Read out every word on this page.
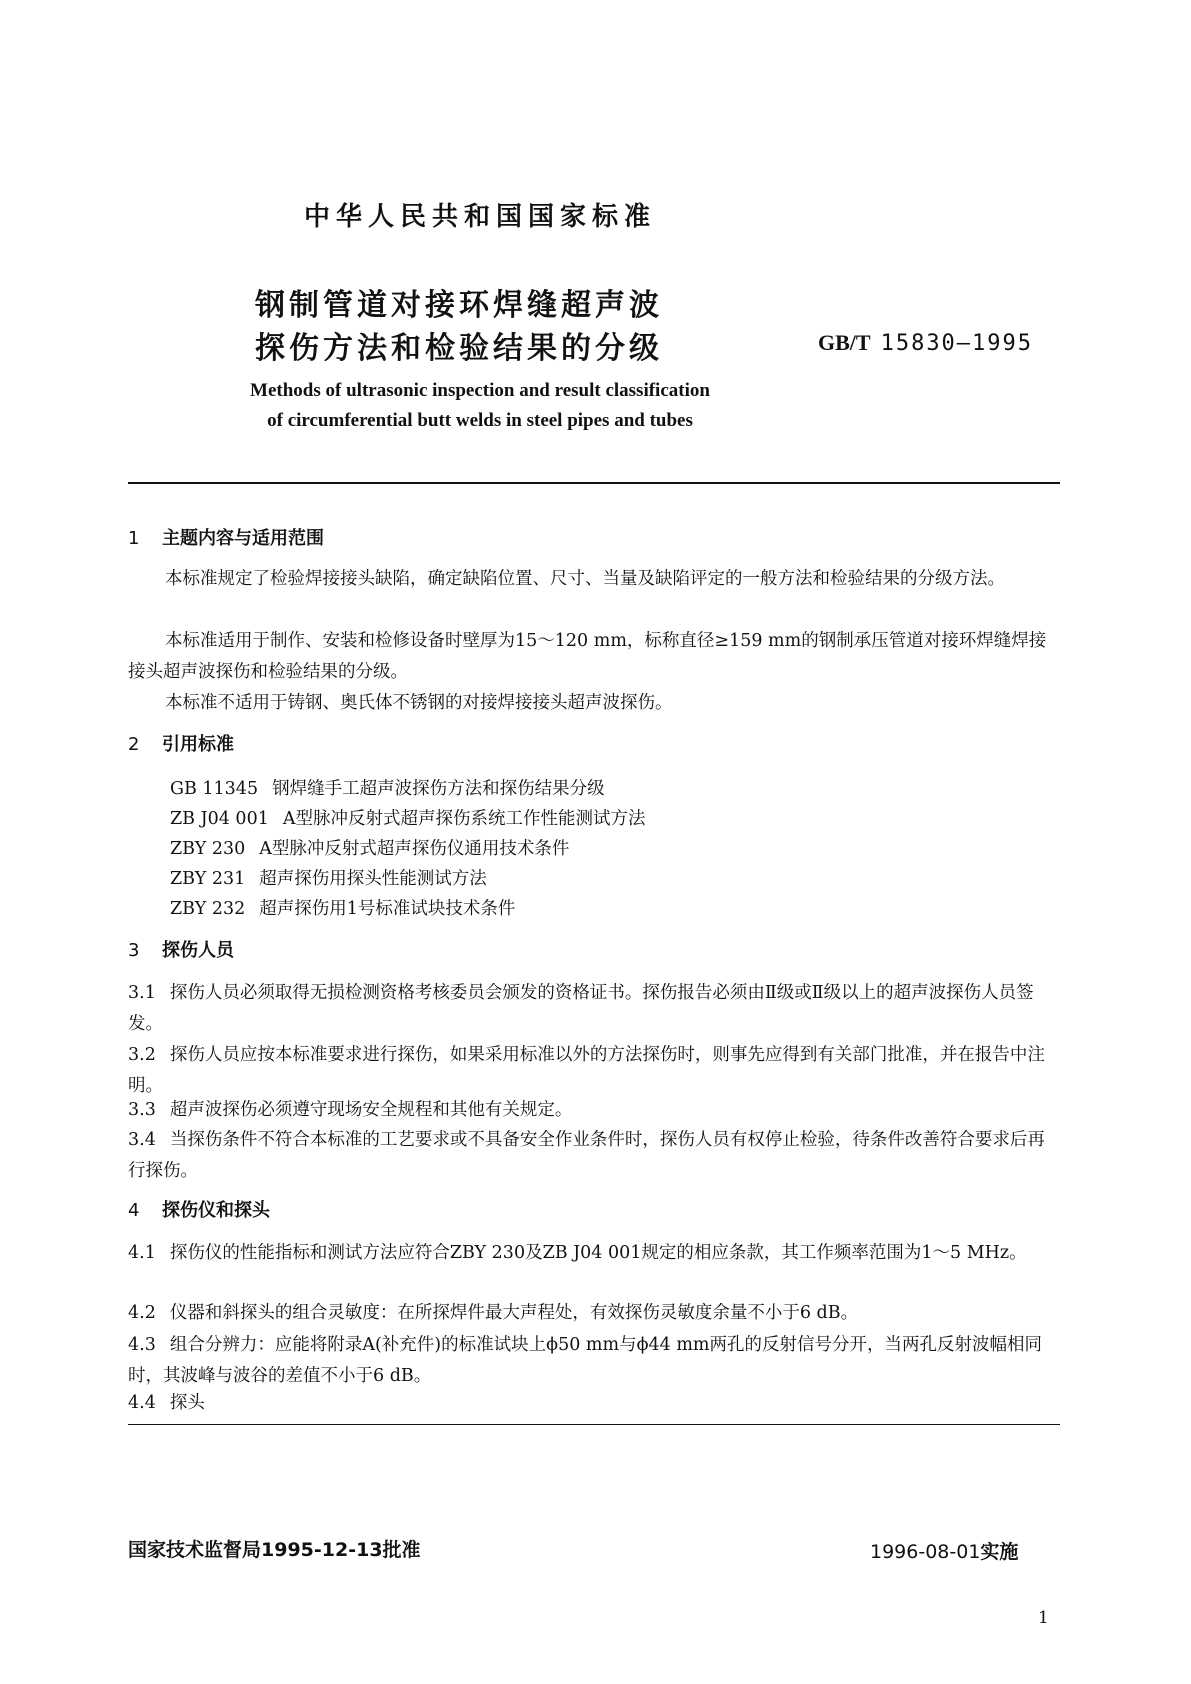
中华人民共和国国家标准
钢制管道对接环焊缝超声波
探伤方法和检验结果的分级	GB/T 15830—1995
Methods of ultrasonic inspection and result classification
of circumferential butt welds in steel pipes and tubes
1 主题内容与适用范围
本标准规定了检验焊接接头缺陷，确定缺陷位置、尺寸、当量及缺陷评定的一般方法和检验结果的分级方法。
本标准适用于制作、安装和检修设备时壁厚为15～120 mm，标称直径≥159 mm的钢制承压管道对接环焊缝焊接接头超声波探伤和检验结果的分级。
本标准不适用于铸钢、奥氏体不锈钢的对接焊接接头超声波探伤。
2 引用标准
GB 11345 钢焊缝手工超声波探伤方法和探伤结果分级
ZB J04 001 A型脉冲反射式超声探伤系统工作性能测试方法
ZBY 230 A型脉冲反射式超声探伤仪通用技术条件
ZBY 231 超声探伤用探头性能测试方法
ZBY 232 超声探伤用1号标准试块技术条件
3 探伤人员
3.1 探伤人员必须取得无损检测资格考核委员会颁发的资格证书。探伤报告必须由Ⅱ级或Ⅱ级以上的超声波探伤人员签发。
3.2 探伤人员应按本标准要求进行探伤，如果采用标准以外的方法探伤时，则事先应得到有关部门批准，并在报告中注明。
3.3 超声波探伤必须遵守现场安全规程和其他有关规定。
3.4 当探伤条件不符合本标准的工艺要求或不具备安全作业条件时，探伤人员有权停止检验，待条件改善符合要求后再行探伤。
4 探伤仪和探头
4.1 探伤仪的性能指标和测试方法应符合ZBY 230及ZB J04 001规定的相应条款，其工作频率范围为1～5 MHz。
4.2 仪器和斜探头的组合灵敏度：在所探焊件最大声程处，有效探伤灵敏度余量不小于6 dB。
4.3 组合分辨力：应能将附录A(补充件)的标准试块上ϕ50 mm与ϕ44 mm两孔的反射信号分开，当两孔反射波幅相同时，其波峰与波谷的差值不小于6 dB。
4.4 探头
国家技术监督局1995-12-13批准	1996-08-01实施
1
